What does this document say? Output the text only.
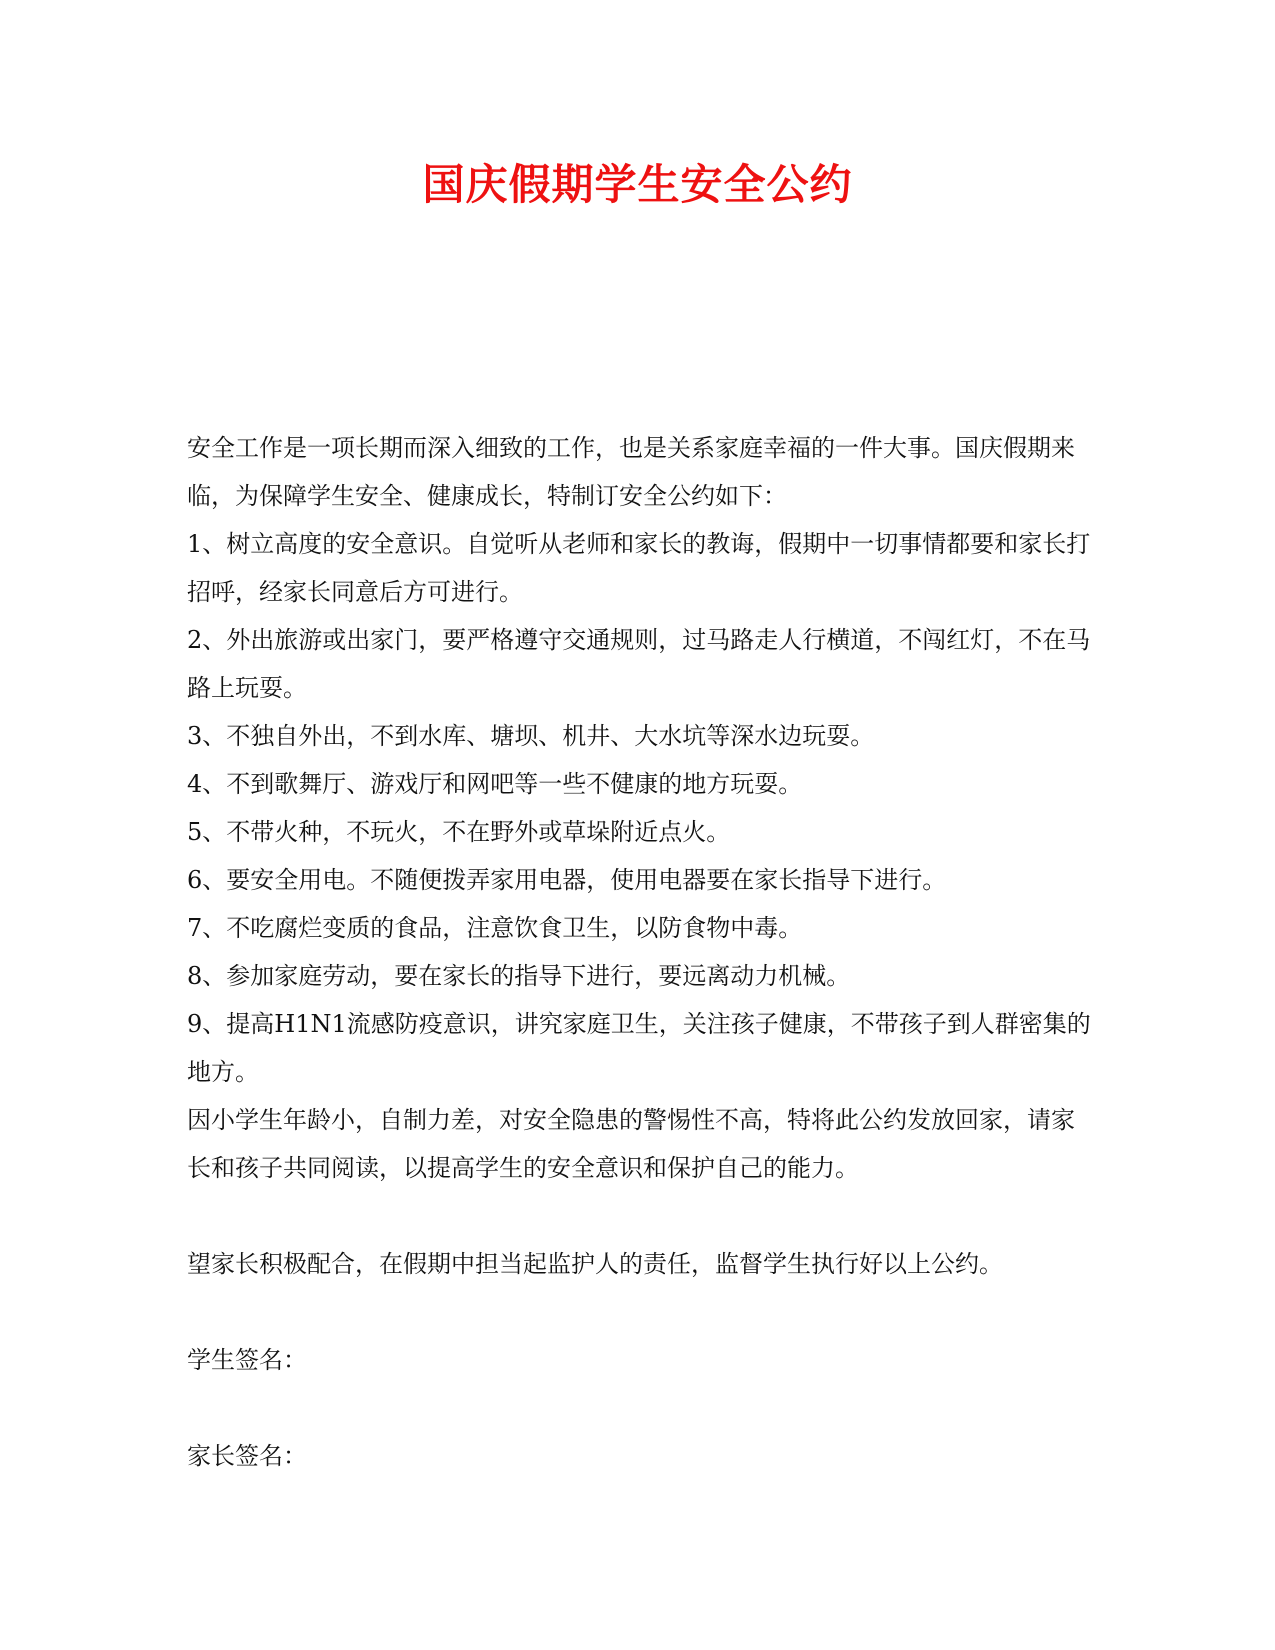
国庆假期学生安全公约

安全工作是一项长期而深入细致的工作，也是关系家庭幸福的一件大事。国庆假期来临，为保障学生安全、健康成长，特制订安全公约如下：

1、树立高度的安全意识。自觉听从老师和家长的教诲，假期中一切事情都要和家长打招呼，经家长同意后方可进行。

2、外出旅游或出家门，要严格遵守交通规则，过马路走人行横道，不闯红灯，不在马路上玩耍。

3、不独自外出，不到水库、塘坝、机井、大水坑等深水边玩耍。

4、不到歌舞厅、游戏厅和网吧等一些不健康的地方玩耍。

5、不带火种，不玩火，不在野外或草垛附近点火。

6、要安全用电。不随便拨弄家用电器，使用电器要在家长指导下进行。

7、不吃腐烂变质的食品，注意饮食卫生，以防食物中毒。

8、参加家庭劳动，要在家长的指导下进行，要远离动力机械。

9、提高H1N1流感防疫意识，讲究家庭卫生，关注孩子健康，不带孩子到人群密集的地方。

因小学生年龄小，自制力差，对安全隐患的警惕性不高，特将此公约发放回家，请家长和孩子共同阅读，以提高学生的安全意识和保护自己的能力。

望家长积极配合，在假期中担当起监护人的责任，监督学生执行好以上公约。

学生签名：

家长签名：
